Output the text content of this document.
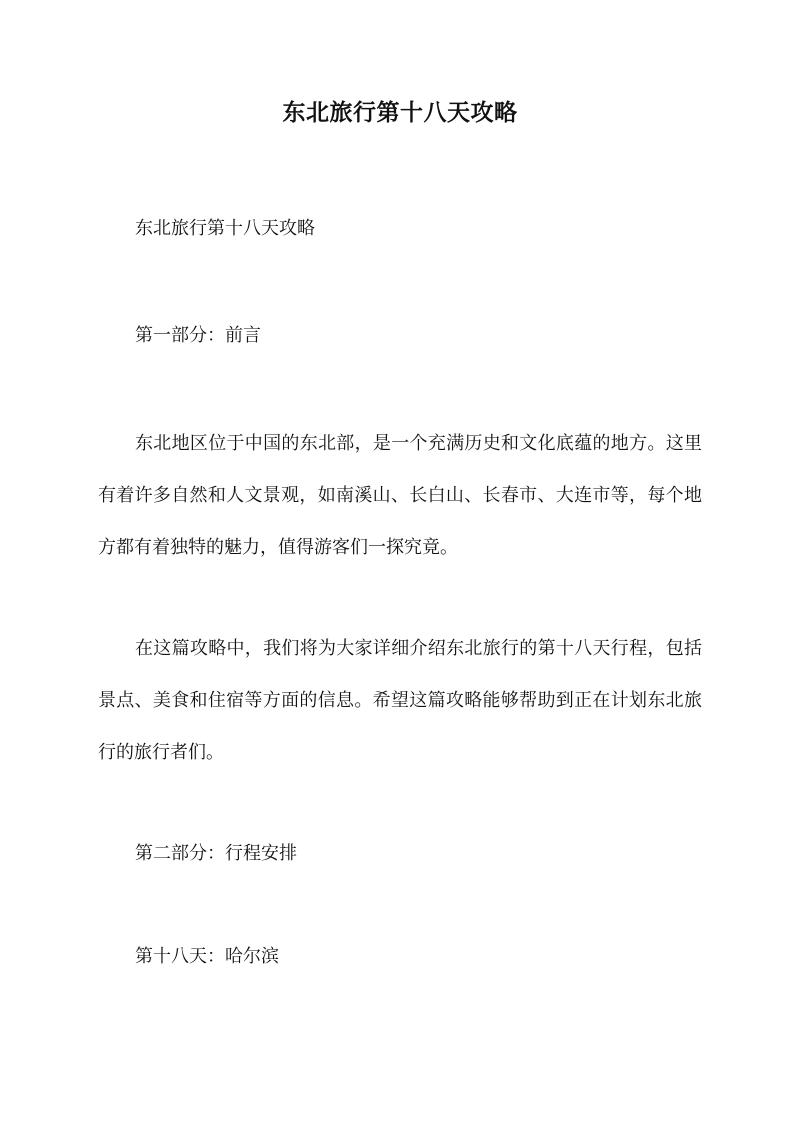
东北旅行第十八天攻略

东北旅行第十八天攻略

第一部分：前言

东北地区位于中国的东北部，是一个充满历史和文化底蕴的地方。这里有着许多自然和人文景观，如南溪山、长白山、长春市、大连市等，每个地方都有着独特的魅力，值得游客们一探究竟。

在这篇攻略中，我们将为大家详细介绍东北旅行的第十八天行程，包括景点、美食和住宿等方面的信息。希望这篇攻略能够帮助到正在计划东北旅行的旅行者们。

第二部分：行程安排

第十八天：哈尔滨
